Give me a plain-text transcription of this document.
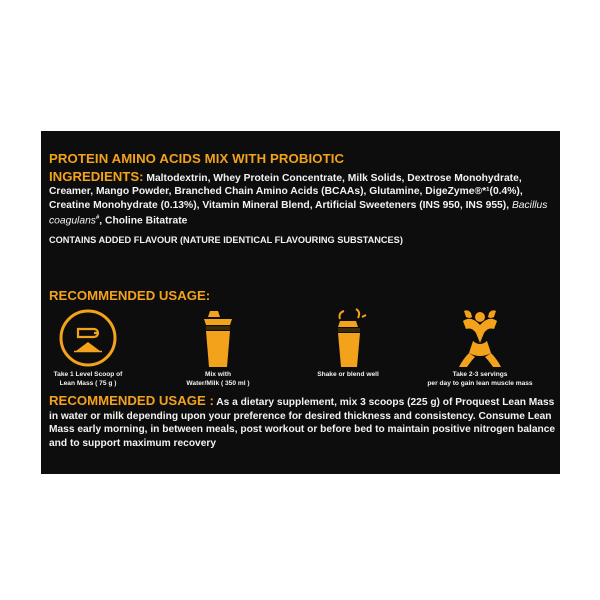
PROTEIN AMINO ACIDS MIX WITH PROBIOTIC
INGREDIENTS: Maltodextrin, Whey Protein Concentrate, Milk Solids, Dextrose Monohydrate, Creamer, Mango Powder, Branched Chain Amino Acids (BCAAs), Glutamine, DigeZyme®*¹(0.4%), Creatine Monohydrate (0.13%), Vitamin Mineral Blend, Artificial Sweeteners (INS 950, INS 955), Bacillus coagulans#, Choline Bitatrate
CONTAINS ADDED FLAVOUR (NATURE IDENTICAL FLAVOURING SUBSTANCES)
RECOMMENDED USAGE:
Take 1 Level Scoop of
Lean Mass ( 75 g )
Mix with
Water/Milk ( 350 ml )
Shake or blend well	Take 2-3 servings
per day to gain lean muscle mass
RECOMMENDED USAGE : As a dietary supplement, mix 3 scoops (225 g) of Proquest Lean Mass in water or milk depending upon your preference for desired thickness and consistency. Consume Lean Mass early morning, in between meals, post workout or before bed to maintain positive nitrogen balance and to support maximum recovery
